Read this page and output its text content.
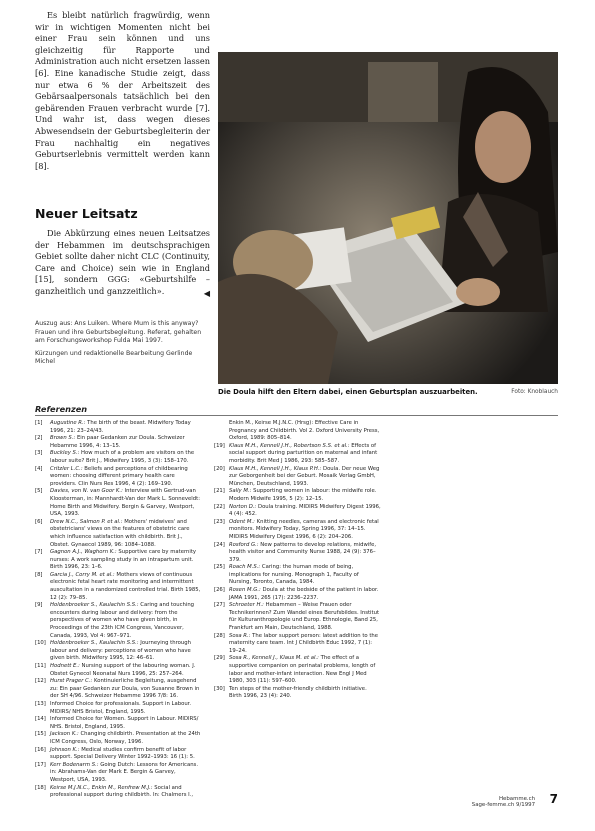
Es bleibt natürlich fragwürdig, wenn wir in wichtigen Momenten nicht bei einer Frau sein können und uns gleichzeitig für Rapporte und Administration auch nicht ersetzen lassen [6]. Eine kanadische Studie zeigt, dass nur etwa 6 % der Arbeitszeit des Gebärsaalpersonals tatsächlich bei den gebärenden Frauen verbracht wurde [7]. Und wahr ist, dass wegen dieses Abwesendsein der Geburtsbegleiterin der Frau nachhaltig ein negatives Geburtserlebnis vermittelt werden kann [8].

Neuer Leitsatz

Die Abkürzung eines neuen Leitsatzes der Hebammen im deutschsprachigen Gebiet sollte daher nicht CLC (Continuity, Care and Choice) sein wie in England [15], sondern GGG: «Geburtshilfe – ganzheitlich und ganzzeitlich».	◀

Auszug aus: Ans Luiken. Where Mum is this anyway? Frauen und ihre Geburtsbegleitung. Referat, gehalten am Forschungsworkshop Fulda Mai 1997.

Kürzungen und redaktionelle Bearbeitung Gerlinde Michel

Die Doula hilft den Eltern dabei, einen Geburtsplan auszuarbeiten.	Foto: Knoblauch
Referenzen

[1]	Augustine R.: The birth of the beast. Midwifery Today 1996, 21: 23–24/43.

[2]	Brown S.: Ein paar Gedanken zur Doula. Schweizer Hebamme 1996, 4: 13–15.

[3]	Buckley S.: How much of a problem are visitors on the labour suite? Brit J., Midwifery 1995, 3 (3): 158–170.

[4]	Critzler L.C.: Beliefs and perceptions of childbearing women: choosing different primary health care providers. Clin Nurs Res 1996, 4 (2): 169–190.

[5]	Davies, von N. van Goor K.: Interview with Gertrud-van Kloosterman, in: Mannhardt-Van der Mark L. Sonneveldt: Home Birth and Midwifery. Bergin & Garvey, Westport, USA, 1993.

[6]	Drew N.C., Salmon P. et al.: Mothers' midwives' and obstetricians' views on the features of obstetric care which influence satisfaction with childbirth. Brit J., Obstet. Gynaecol 1989, 96: 1084–1088.

[7]	Gagnon A.J., Waghorn K.: Supportive care by maternity nurses: A work sampling study in an intrapartum unit. Birth 1996, 23: 1–6.

[8]	Garcia J., Corry M. et al.: Mothers views of continuous electronic fetal heart rate monitoring and intermittent auscultation in a randomized controlled trial. Birth 1985, 12 (2): 79–85.

[9]	Holdenbroeker S., Kaulachin S.S.: Caring and touching encounters during labour and delivery: from the perspectives of women who have given birth, in Proceedings of the 23th ICM Congress, Vancouver, Canada, 1993, Vol 4: 967–971.

[10] Holdenbroeker S., Kaulachin S.S.: Journeying through labour and delivery: perceptions of women who have given birth. Midwifery 1995, 12: 46–61.

[11] Hodnett E.: Nursing support of the labouring woman. J. Obstet Gynecol Neonatal Nurs 1996, 25: 257–264.

[12] Hurst Prager C.: Kontinuierliche Begleitung, ausgehend zu: Ein paar Gedanken zur Doula, von Susanne Brown in der SH 4/96. Schweizer Hebamme 1996 7/8: 16.

[13] Informed Choice for professionals. Support in Labour. MIDIRS/ NHS Bristol, England, 1995.

[14] Informed Choice for Women. Support in Labour. MIDIRS/ NHS. Bristol, England, 1995.

[15] Jackson K.: Changing childbirth. Presentation at the 24th ICM Congress, Oslo, Norway, 1996.

[16] Johnson K.: Medical studies confirm benefit of labor support. Special Delivery Winter 1992–1993: 16 (1): 5.

[17] Kerr Bodenarm S.: Going Dutch: Lessons for Americans. in: Abrahams-Van der Mark E. Bergin & Garvey, Westport, USA, 1993.

[18] Keirse M.J.N.C., Enkin M., Renfrew M.J.: Social and professional support during childbirth. In: Chalmers I., Enkin M., Keirse M.J.N.C. (Hrsg): Effective Care in Pregnancy and Childbirth. Vol 2. Oxford University Press, Oxford, 1989: 805–814.

[19] Klaus M.H., Kennell J.H., Robertson S.S. et al.: Effects of social support during parturition on maternal and infant morbidity. Brit Med J 1986, 293: 585–587.

[20] Klaus M.H., Kennell J.H., Klaus P.H.: Doula. Der neue Weg zur Geborgenheit bei der Geburt. Mosaik Verlag GmbH, München, Deutschland, 1993.

[21] Sally M.: Supporting women in labour: the midwife role. Modern Midwife 1995, 5 (2): 12–15.

[22] Norton D.: Doula training. MIDIRS Midwifery Digest 1996, 4 (4): 452.

[23] Odent M.: Knitting needles, cameras and electronic fetal monitors. Midwifery Today, Spring 1996, 37: 14–15. MIDIRS Midwifery Digest 1996, 6 (2): 204–206.

[24] Rosford G.: New patterns to develop relations, midwife, health visitor and Community Nurse 1988, 24 (9): 376–379.

[25] Roach M.S.: Caring: the human mode of being, implications for nursing. Monograph 1, Faculty of Nursing, Toronto, Canada, 1984.

[26] Rosen M.G.: Doula at the bedside of the patient in labor. JAMA 1991, 265 (17): 2236–2237.

[27] Schroeter H.: Hebammen – Weise Frauen oder Technikerinnen? Zum Wandel eines Berufsbildes. Institut für Kulturanthropologie und Europ. Ethnologie, Band 25, Frankfurt am Main, Deutschland, 1988.

[28] Sosa R.: The labor support person: latest addition to the maternity care team. Int J Childbirth Educ 1992, 7 (1): 19–24.

[29] Sosa R., Kennell J., Klaus M. et al.: The effect of a supportive companion on perinatal problems, length of labor and mother-infant interaction. New Engl J Med 1980, 303 (11): 597–600.

[30] Ten steps of the mother-friendly childbirth initiative. Birth 1996, 23 (4): 240.

Hebamme.ch
Sage-femme.ch 9/1997 7
